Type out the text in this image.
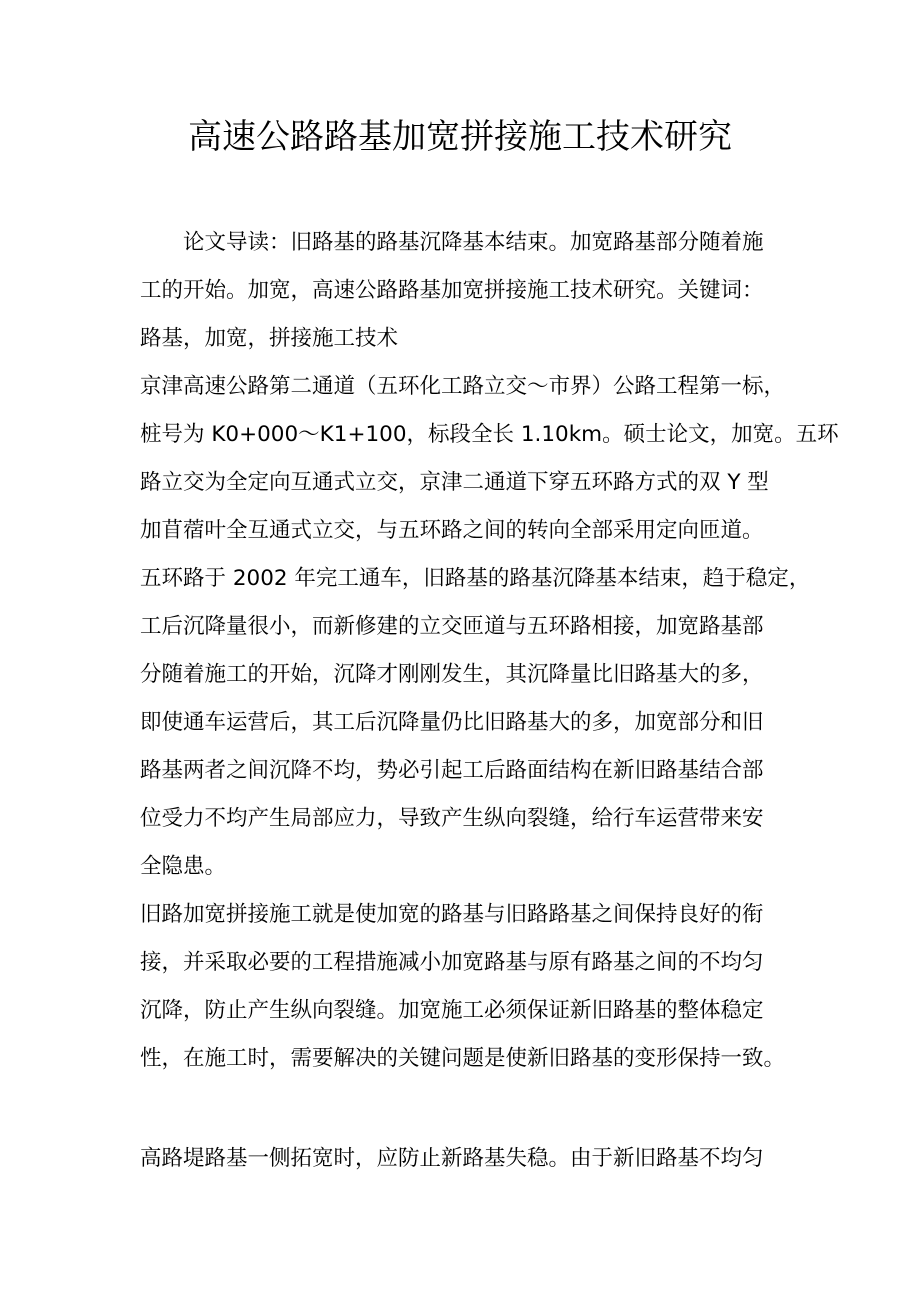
高速公路路基加宽拼接施工技术研究
论文导读：旧路基的路基沉降基本结束。加宽路基部分随着施
工的开始。加宽，高速公路路基加宽拼接施工技术研究。关键词：
路基，加宽，拼接施工技术
京津高速公路第二通道（五环化工路立交～市界）公路工程第一标，
桩号为 K0+000～K1+100，标段全长 1.10km。硕士论文，加宽。五环
路立交为全定向互通式立交，京津二通道下穿五环路方式的双 Y 型
加苜蓿叶全互通式立交，与五环路之间的转向全部采用定向匝道。
五环路于 2002 年完工通车，旧路基的路基沉降基本结束，趋于稳定，
工后沉降量很小，而新修建的立交匝道与五环路相接，加宽路基部
分随着施工的开始，沉降才刚刚发生，其沉降量比旧路基大的多，
即使通车运营后，其工后沉降量仍比旧路基大的多，加宽部分和旧
路基两者之间沉降不均，势必引起工后路面结构在新旧路基结合部
位受力不均产生局部应力，导致产生纵向裂缝，给行车运营带来安
全隐患。
旧路加宽拼接施工就是使加宽的路基与旧路路基之间保持良好的衔
接，并采取必要的工程措施减小加宽路基与原有路基之间的不均匀
沉降，防止产生纵向裂缝。加宽施工必须保证新旧路基的整体稳定
性，在施工时，需要解决的关键问题是使新旧路基的变形保持一致。
高路堤路基一侧拓宽时，应防止新路基失稳。由于新旧路基不均匀
